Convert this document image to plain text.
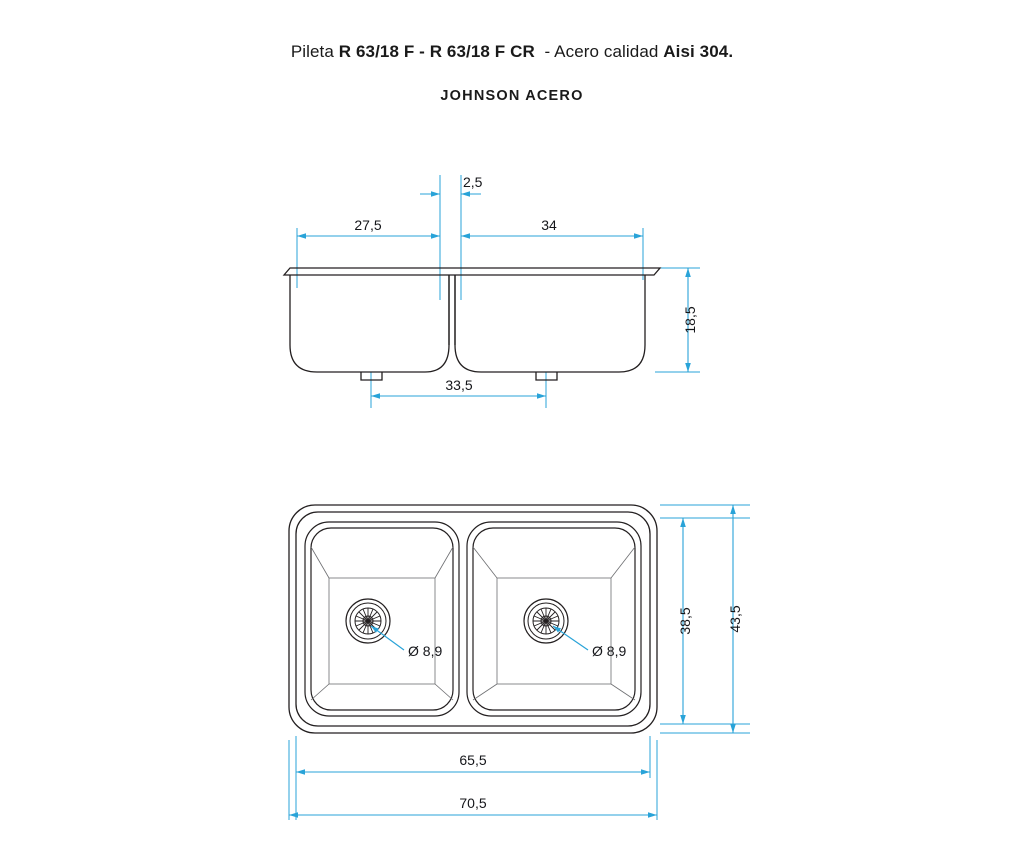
Pileta R 63/18 F - R 63/18 F CR  - Acero calidad Aisi 304.
JOHNSON ACERO
2,5
27,5	34
18,5
33,5
Ø 8,9	Ø 8,9
38,5 43,5
65,5
70,5
